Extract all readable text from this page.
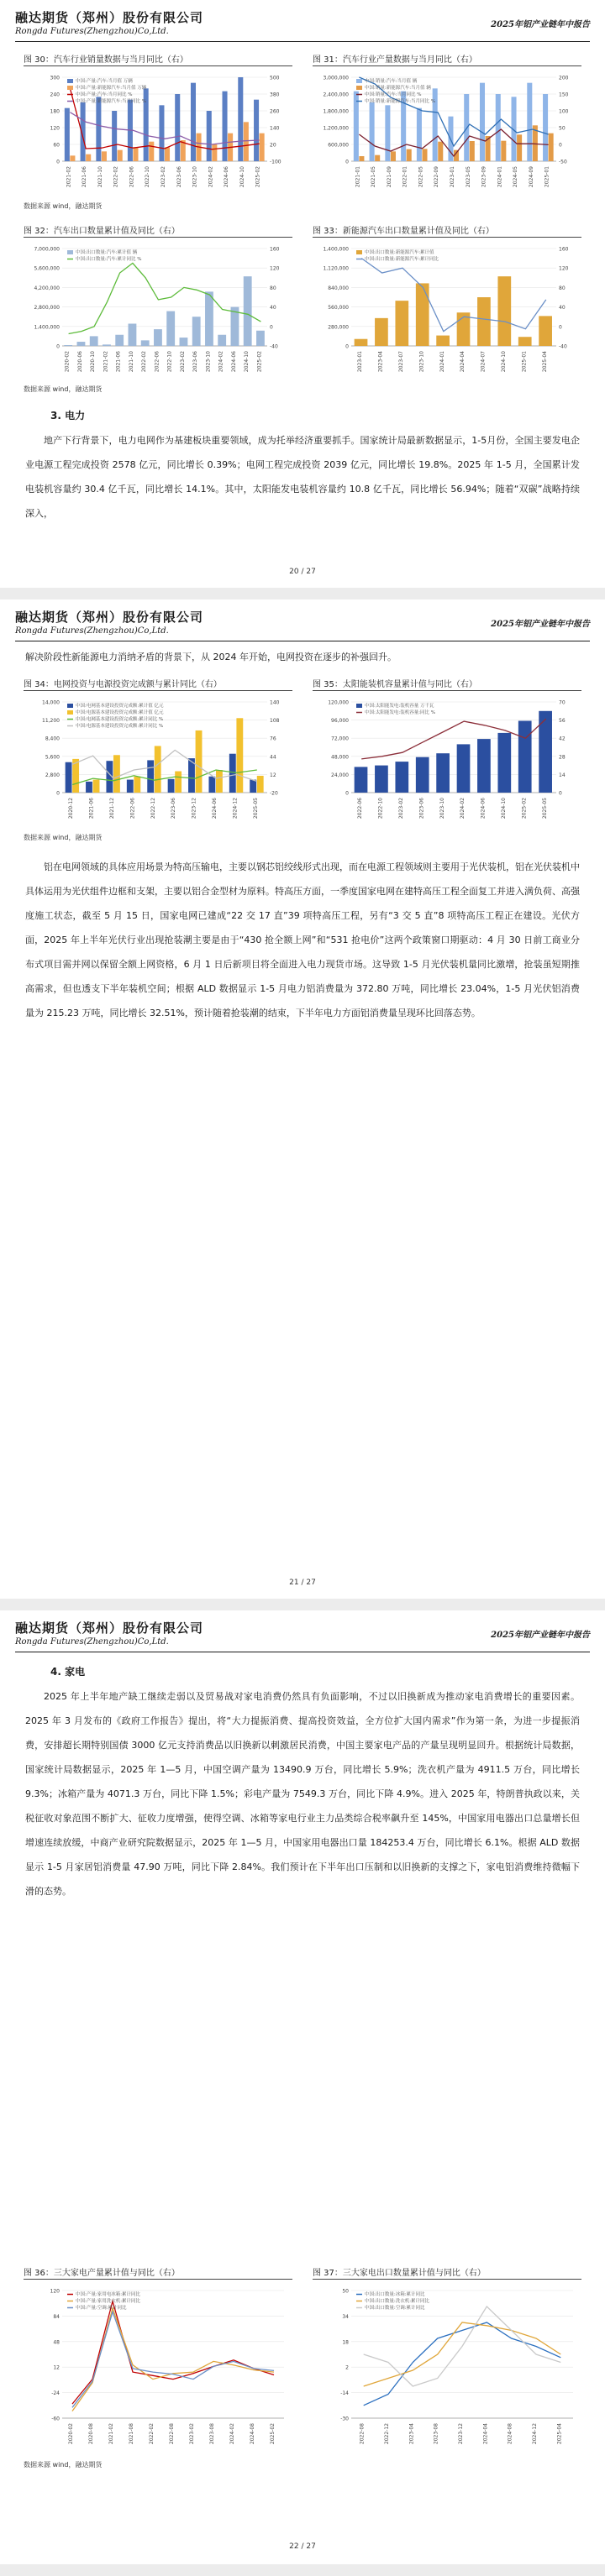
融达期货（郑州）股份有限公司
Rongda Futures(Zhengzhou)Co,Ltd.
2025年铝产业链年中报告
图 30：汽车行业销量数据与当月同比（右）
0	-100
60	20
120	140
180	260
240	380
300	500
2021-02 2021-06 2021-10 2022-02 2022-06 2022-10 2023-02 2023-06 2023-10 2024-02 2024-06 2024-10 2025-02
中国:产量:汽车:当月值 万辆
中国:产量:新能源汽车:当月值 万辆
中国:产量:汽车:当月同比 %
中国:产量:新能源汽车:当月同比 %
图 31：汽车行业产量数据与当月同比（右）
0	-50
600,000	0
1,200,000	50
1,800,000	100
2,400,000	150
3,000,000	200
2021-01 2021-05 2021-09 2022-01 2022-05 2022-09 2023-01 2023-05 2023-09 2024-01 2024-05 2024-09 2025-01
中国:销量:汽车:当月值 辆
中国:销量:新能源汽车:当月值 辆
中国:销量:汽车:当月同比 %
中国:销量:新能源汽车:当月同比 %
数据来源 wind，融达期货
图 32：汽车出口数量累计值及同比（右）
0	-40
1,400,000	0
2,800,000	40
4,200,000	80
5,600,000	120
7,000,000	160
2020-02 2020-06 2020-10 2021-02 2021-06 2021-10 2022-02 2022-06 2022-10 2023-02 2023-06 2023-10 2024-02 2024-06 2024-10 2025-02
中国:出口数量:汽车:累计值 辆
中国:出口数量:汽车:累计同比 %
图 33：新能源汽车出口数量累计值及同比（右）
0	-40
280,000	0
560,000	40
840,000	80
1,120,000	120
1,400,000	160
2023-01	2023-04	2023-07	2023-10	2024-01	2024-04	2024-07	2024-10	2025-01	2025-04
中国:出口数量:新能源汽车:累计值
中国:出口数量:新能源汽车:累计同比
数据来源 wind，融达期货
3. 电力
地产下行背景下，电力电网作为基建板块重要领域，成为托举经济重要抓手。国家统计局最新数据显示，1-5月份，全国主要发电企业电源工程完成投资 2578 亿元，同比增长 0.39%；电网工程完成投资 2039 亿元，同比增长 19.8%。2025 年 1-5 月，全国累计发电装机容量约 30.4 亿千瓦，同比增长 14.1%。其中，太阳能发电装机容量约 10.8 亿千瓦，同比增长 56.94%；随着“双碳”战略持续深入，
20 / 27
融达期货（郑州）股份有限公司
Rongda Futures(Zhengzhou)Co,Ltd.
2025年铝产业链年中报告
解决阶段性新能源电力消纳矛盾的背景下，从 2024 年开始，电网投资在逐步的补强回升。
图 34：电网投资与电源投资完成额与累计同比（右）
0	-20
2,800	12
5,600	44
8,400	76
11,200	108
14,000	140
2020-12	2021-06	2021-12	2022-06	2022-12	2023-06	2023-12	2024-06	2024-12	2025-05
中国:电网基本建设投资完成额:累计值 亿元
中国:电源基本建设投资完成额:累计值 亿元
中国:电网基本建设投资完成额:累计同比 %
中国:电源基本建设投资完成额:累计同比 %
图 35：太阳能装机容量累计值与同比（右）
0	0
24,000	14
48,000	28
72,000	42
96,000	56
120,000	70
2022-06	2022-10	2023-02	2023-06	2023-10	2024-02	2024-06	2024-10	2025-02	2025-05
中国:太阳能发电:装机容量 万千瓦
中国:太阳能发电:装机容量:同比 %
数据来源 wind，融达期货
铝在电网领域的具体应用场景为特高压输电，主要以钢芯铝绞线形式出现，而在电源工程领域则主要用于光伏装机，铝在光伏装机中具体运用为光伏组件边框和支架，主要以铝合金型材为原料。特高压方面，一季度国家电网在建特高压工程全面复工并进入满负荷、高强度施工状态，截至 5 月 15 日，国家电网已建成“22 交 17 直”39 项特高压工程，另有“3 交 5 直”8 项特高压工程正在建设。光伏方面，2025 年上半年光伏行业出现抢装潮主要是由于“430 抢全额上网”和“531 抢电价”这两个政策窗口期驱动：4 月 30 日前工商业分布式项目需并网以保留全额上网资格，6 月 1 日后新项目将全面进入电力现货市场。这导致 1-5 月光伏装机量同比激增，抢装虽短期推高需求，但也透支下半年装机空间；根据 ALD 数据显示 1-5 月电力铝消费量为 372.80 万吨，同比增长 23.04%，1-5 月光伏铝消费量为 215.23 万吨，同比增长 32.51%，预计随着抢装潮的结束，下半年电力方面铝消费量呈现环比回落态势。
21 / 27
融达期货（郑州）股份有限公司
Rongda Futures(Zhengzhou)Co,Ltd.
2025年铝产业链年中报告
4. 家电
2025 年上半年地产缺工继续走弱以及贸易战对家电消费仍然具有负面影响，不过以旧换新成为推动家电消费增长的重要因素。2025 年 3 月发布的《政府工作报告》提出，将“大力提振消费、提高投资效益，全方位扩大国内需求”作为第一条，为进一步提振消费，安排超长期特别国债 3000 亿元支持消费品以旧换新以刺激居民消费，中国主要家电产品的产量呈现明显回升。根据统计局数据，国家统计局数据显示，2025 年 1—5 月，中国空调产量为 13490.9 万台，同比增长 5.9%；洗衣机产量为 4911.5 万台，同比增长 9.3%；冰箱产量为 4071.3 万台，同比下降 1.5%；彩电产量为 7549.3 万台，同比下降 4.9%。进入 2025 年，特朗普执政以来，关税征收对象范围不断扩大、征收力度增强，使得空调、冰箱等家电行业主力品类综合税率飙升至 145%，中国家用电器出口总量增长但增速连续放缓，中商产业研究院数据显示，2025 年 1—5 月，中国家用电器出口量 184253.4 万台，同比增长 6.1%。根据 ALD 数据显示 1-5 月家居铝消费量 47.90 万吨，同比下降 2.84%。我们预计在下半年出口压制和以旧换新的支撑之下，家电铝消费维持微幅下滑的态势。
图 36：三大家电产量累计值与同比（右）
-60
-24
12
48
84
120
2020-02	2020-08	2021-02	2021-08	2022-02	2022-08	2023-02	2023-08	2024-02	2024-08	2025-02
中国:产量:家用电冰箱:累计同比
中国:产量:家用洗衣机:累计同比
中国:产量:空调:累计同比
图 37：三大家电出口数量累计值与同比（右）
-30
-14
2
18
34
50
2022-08	2022-12	2023-04	2023-08	2023-12	2024-04	2024-08	2024-12	2025-04
中国:出口数量:冰箱:累计同比
中国:出口数量:洗衣机:累计同比
中国:出口数量:空调:累计同比
数据来源 wind，融达期货
22 / 27
